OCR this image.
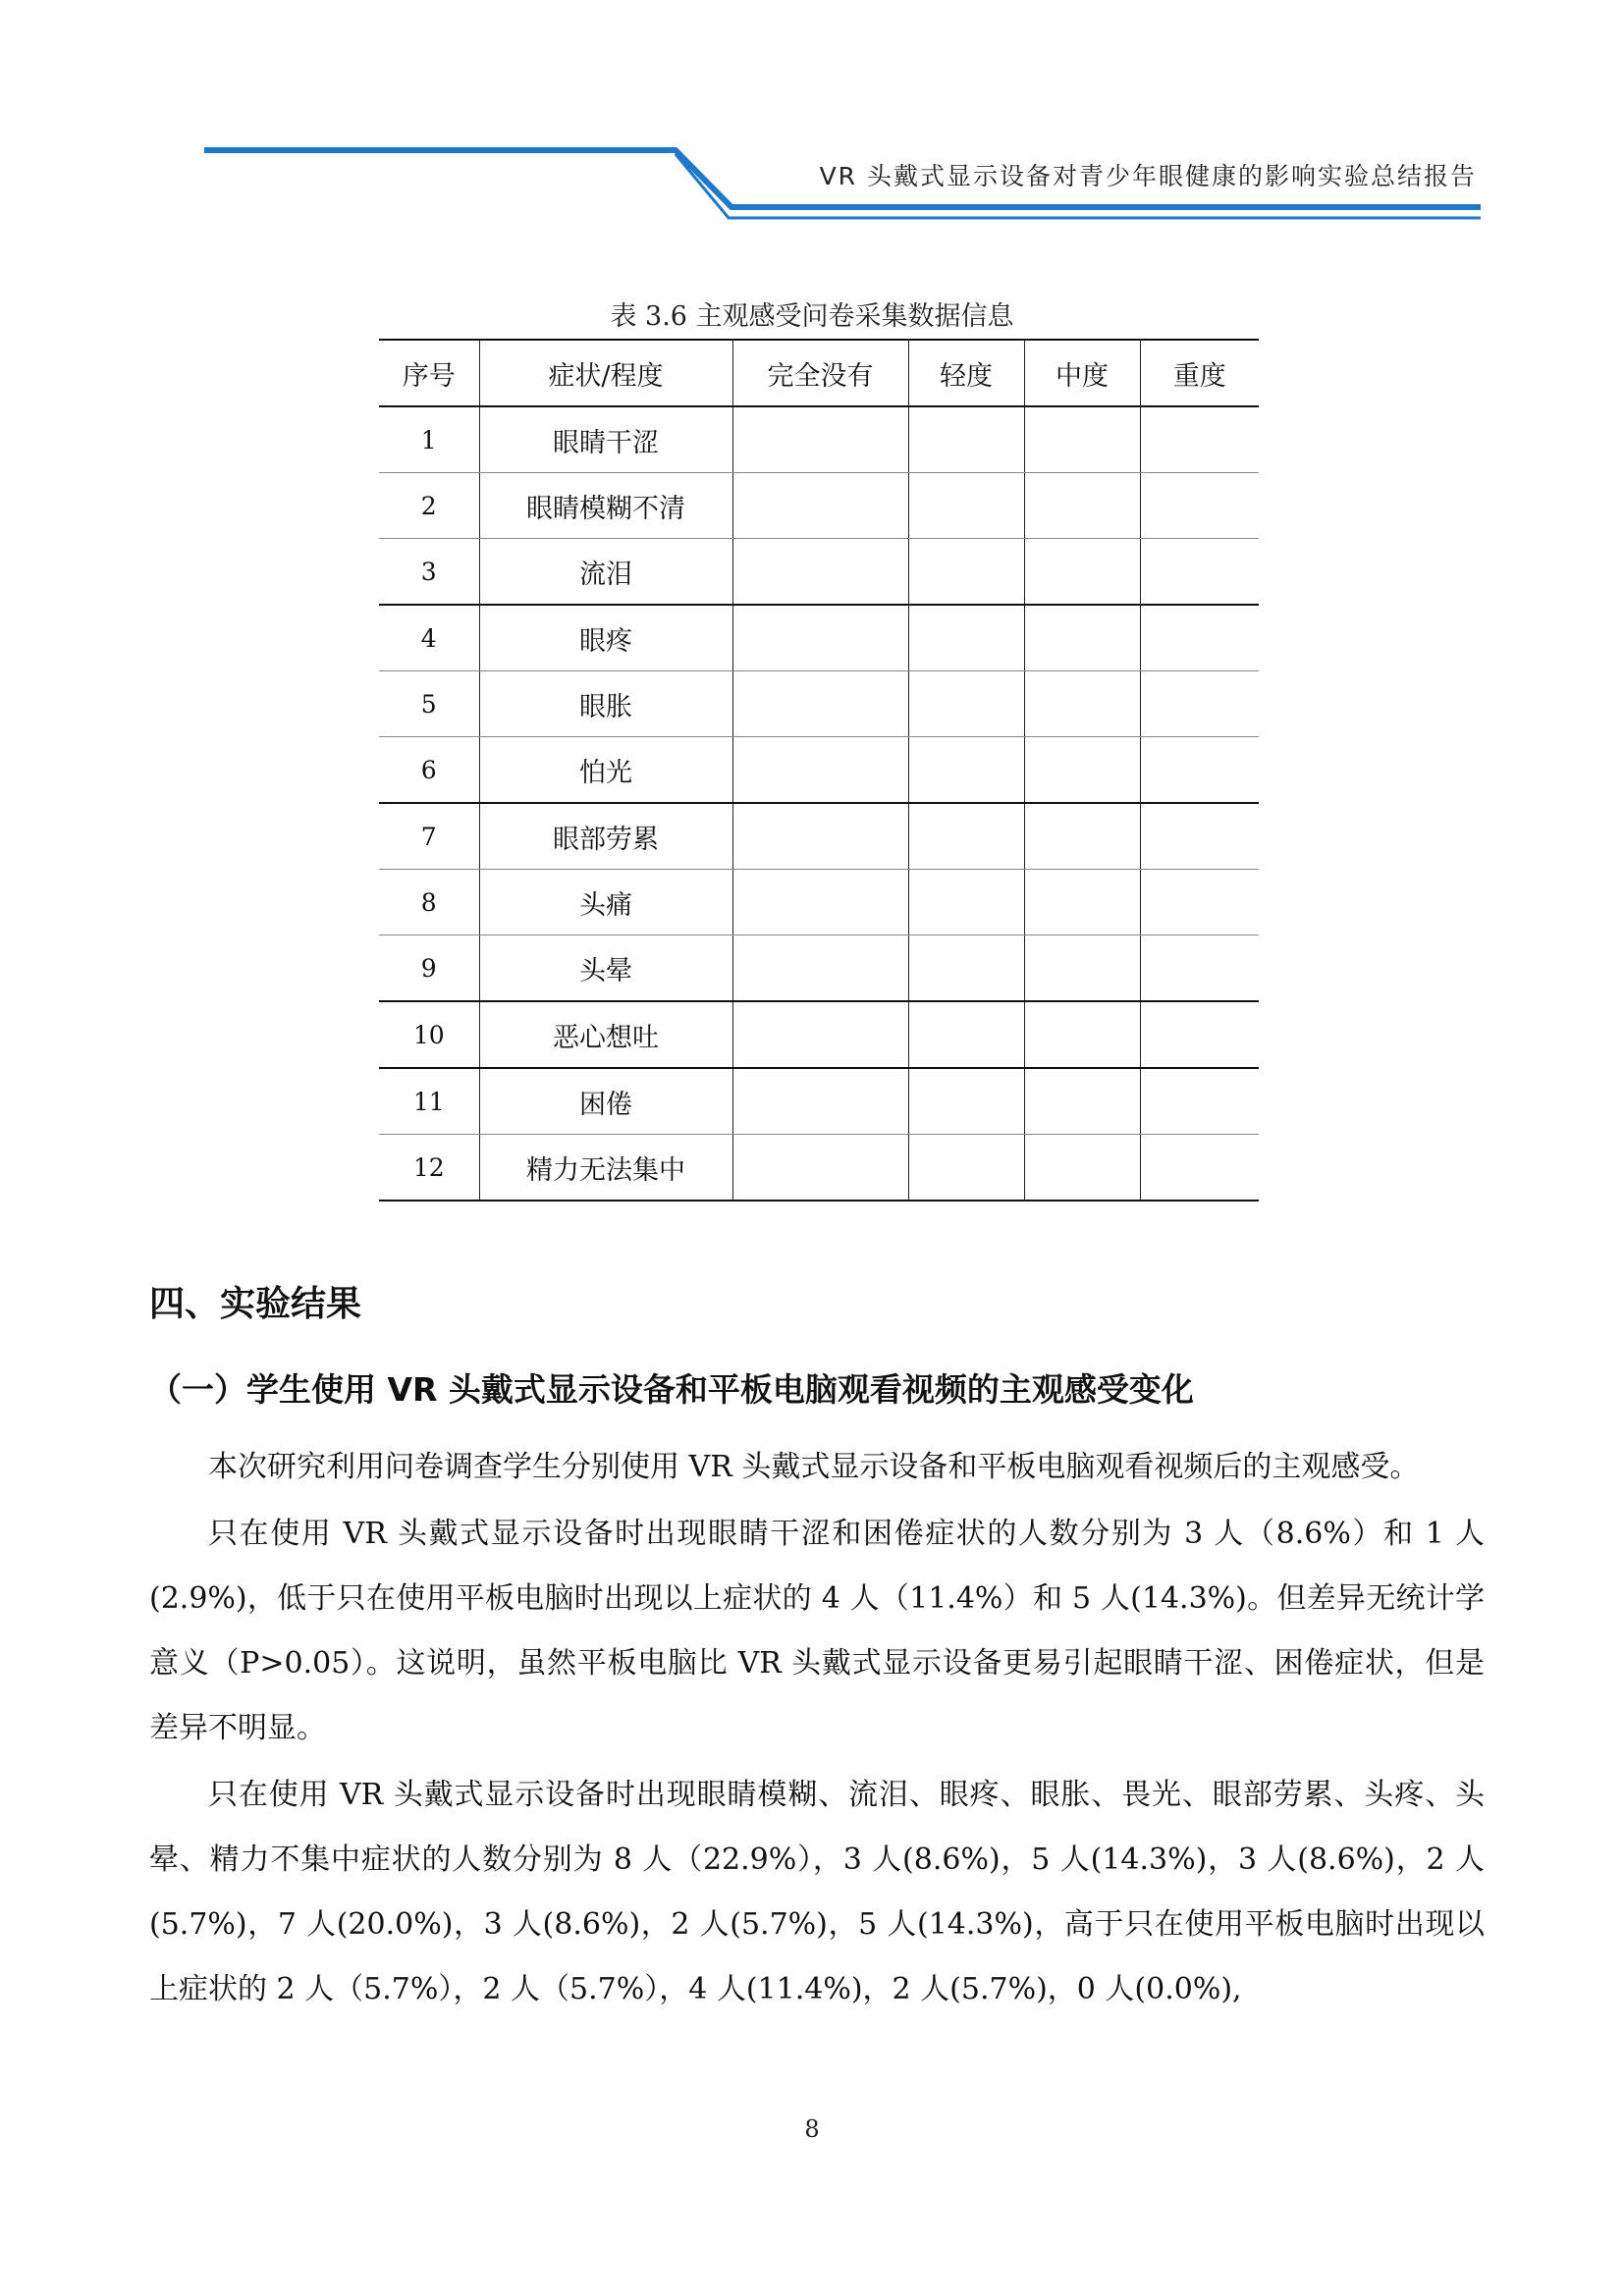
VR 头戴式显示设备对青少年眼健康的影响实验总结报告
表 3.6 主观感受问卷采集数据信息
序号	症状/程度	完全没有	轻度	中度	重度
1	眼睛干涩				
2	眼睛模糊不清				
3	流泪				
4	眼疼				
5	眼胀				
6	怕光				
7	眼部劳累				
8	头痛				
9	头晕				
10	恶心想吐				
11	困倦				
12	精力无法集中				
四、实验结果
（一）学生使用 VR 头戴式显示设备和平板电脑观看视频的主观感受变化

本次研究利用问卷调查学生分别使用 VR 头戴式显示设备和平板电脑观看视频后的主观感受。

只在使用 VR 头戴式显示设备时出现眼睛干涩和困倦症状的人数分别为 3 人（8.6%）和 1 人(2.9%)，低于只在使用平板电脑时出现以上症状的 4 人（11.4%）和 5 人(14.3%)。但差异无统计学意义（P>0.05）。这说明，虽然平板电脑比 VR 头戴式显示设备更易引起眼睛干涩、困倦症状，但是差异不明显。

只在使用 VR 头戴式显示设备时出现眼睛模糊、流泪、眼疼、眼胀、畏光、眼部劳累、头疼、头晕、精力不集中症状的人数分别为 8 人（22.9%），3 人(8.6%)，5 人(14.3%)，3 人(8.6%)，2 人(5.7%)，7 人(20.0%)，3 人(8.6%)，2 人(5.7%)，5 人(14.3%)，高于只在使用平板电脑时出现以上症状的 2 人（5.7%），2 人（5.7%），4 人(11.4%)，2 人(5.7%)，0 人(0.0%),

8
